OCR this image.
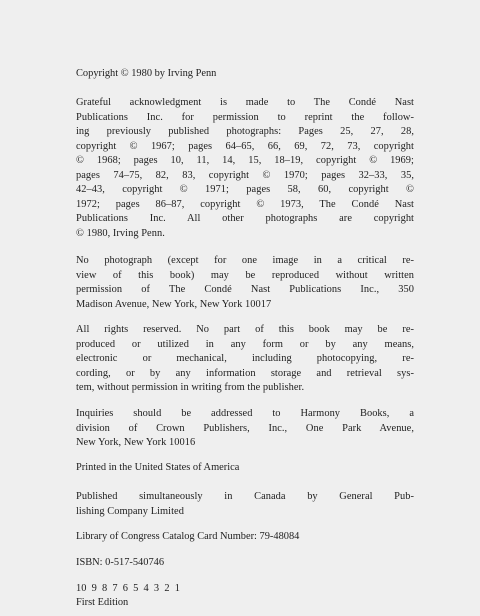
Copyright © 1980 by Irving Penn

Grateful acknowledgment is made to The Condé Nast
Publications Inc. for permission to reprint the follow-
ing previously published photographs: Pages 25, 27, 28,
copyright © 1967; pages 64–65, 66, 69, 72, 73, copyright
© 1968; pages 10, 11, 14, 15, 18–19, copyright © 1969;
pages 74–75, 82, 83, copyright © 1970; pages 32–33, 35,
42–43, copyright © 1971; pages 58, 60, copyright ©
1972; pages 86–87, copyright © 1973, The Condé Nast
Publications Inc. All other photographs are copyright
© 1980, Irving Penn.

No photograph (except for one image in a critical re-
view of this book) may be reproduced without written
permission of The Condé Nast Publications Inc., 350
Madison Avenue, New York, New York 10017

All rights reserved. No part of this book may be re-
produced or utilized in any form or by any means,
electronic or mechanical, including photocopying, re-
cording, or by any information storage and retrieval sys-
tem, without permission in writing from the publisher.

Inquiries should be addressed to Harmony Books, a
division of Crown Publishers, Inc., One Park Avenue,
New York, New York 10016

Printed in the United States of America

Published simultaneously in Canada by General Pub-
lishing Company Limited

Library of Congress Catalog Card Number: 79-48084

ISBN: 0-517-540746

10  9  8  7  6  5  4  3  2  1

First Edition
